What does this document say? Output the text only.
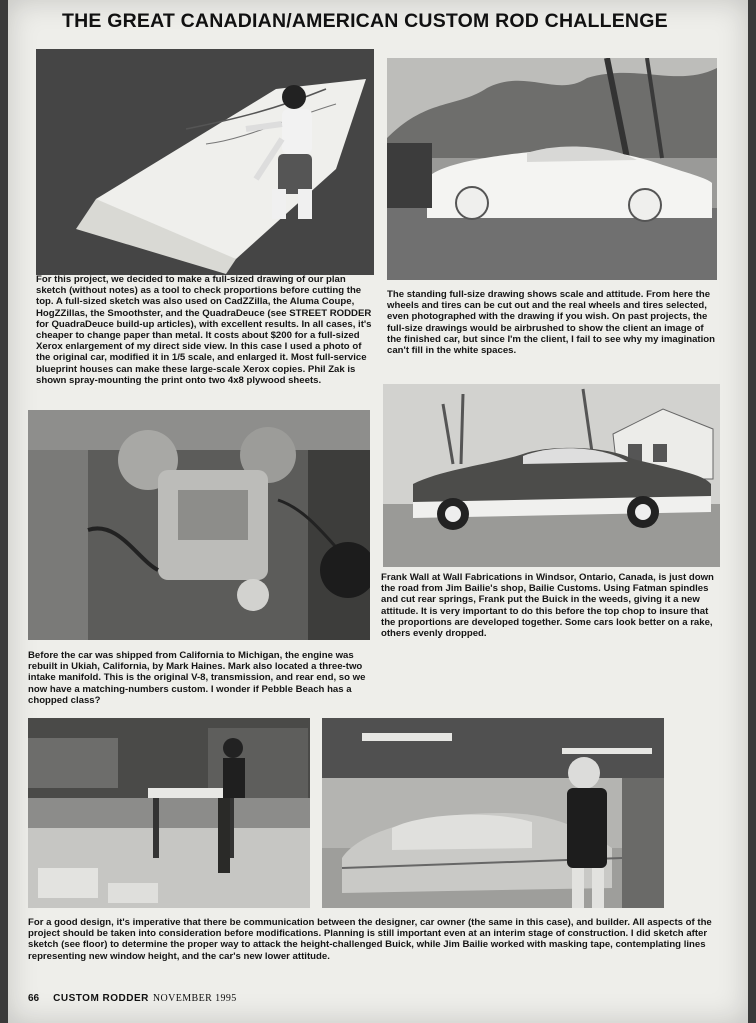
THE GREAT CANADIAN/AMERICAN CUSTOM ROD CHALLENGE

For this project, we decided to make a full-sized drawing of our plan sketch (without notes) as a tool to check proportions before cutting the top. A full-sized sketch was also used on CadZZilla, the Aluma Coupe, HogZZillas, the Smoothster, and the QuadraDeuce (see STREET RODDER for QuadraDeuce build-up articles), with excellent results. In all cases, it's cheaper to change paper than metal. It costs about $200 for a full-sized Xerox enlargement of my direct side view. In this case I used a photo of the original car, modified it in 1/5 scale, and enlarged it. Most full-service blueprint houses can make these large-scale Xerox copies. Phil Zak is shown spray-mounting the print onto two 4x8 plywood sheets.

The standing full-size drawing shows scale and attitude. From here the wheels and tires can be cut out and the real wheels and tires selected, even photographed with the drawing if you wish. On past projects, the full-size drawings would be airbrushed to show the client an image of the finished car, but since I'm the client, I fail to see why my imagination can't fill in the white spaces.

Frank Wall at Wall Fabrications in Windsor, Ontario, Canada, is just down the road from Jim Bailie's shop, Bailie Customs. Using Fatman spindles and cut rear springs, Frank put the Buick in the weeds, giving it a new attitude. It is very important to do this before the top chop to insure that the proportions are developed together. Some cars look better on a rake, others evenly dropped.

Before the car was shipped from California to Michigan, the engine was rebuilt in Ukiah, California, by Mark Haines. Mark also located a three-two intake manifold. This is the original V-8, transmission, and rear end, so we now have a matching-numbers custom. I wonder if Pebble Beach has a chopped class?

For a good design, it's imperative that there be communication between the designer, car owner (the same in this case), and builder. All aspects of the project should be taken into consideration before modifications. Planning is still important even at an interim stage of construction. I did sketch after sketch (see floor) to determine the proper way to attack the height-challenged Buick, while Jim Bailie worked with masking tape, contemplating lines representing new window height, and the car's new lower attitude.

66 CUSTOM RODDER NOVEMBER 1995
